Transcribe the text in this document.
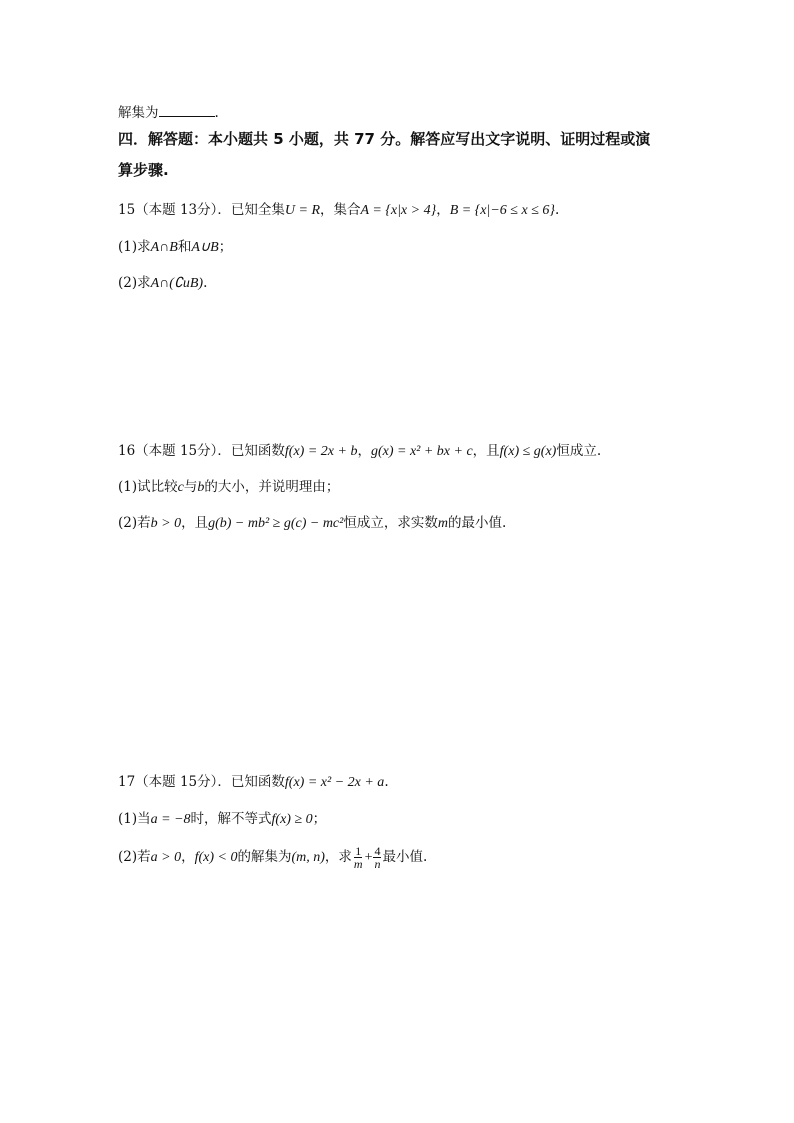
解集为	.
四．解答题：本小题共 5 小题，共 77 分。解答应写出文字说明、证明过程或演
算步骤.
15（本题 13分）．已知全集U = R，集合A = {x|x > 4}，B = {x|−6 ≤ x ≤ 6}.
(1)求A∩B和A∪B；
(2)求A∩(∁uB).
16（本题 15分）．已知函数f(x) = 2x + b，g(x) = x² + bx + c，且f(x) ≤ g(x)恒成立.
(1)试比较c与b的大小，并说明理由；
(2)若b > 0，且g(b) − mb² ≥ g(c) − mc²恒成立，求实数m的最小值.
17（本题 15分）．已知函数f(x) = x² − 2x + a.
(1)当a = −8时，解不等式f(x) ≥ 0；
(2)若a > 0，f(x) < 0的解集为(m, n)，求 $\frac{1}{m} + \frac{4}{n}$ 最小值.
